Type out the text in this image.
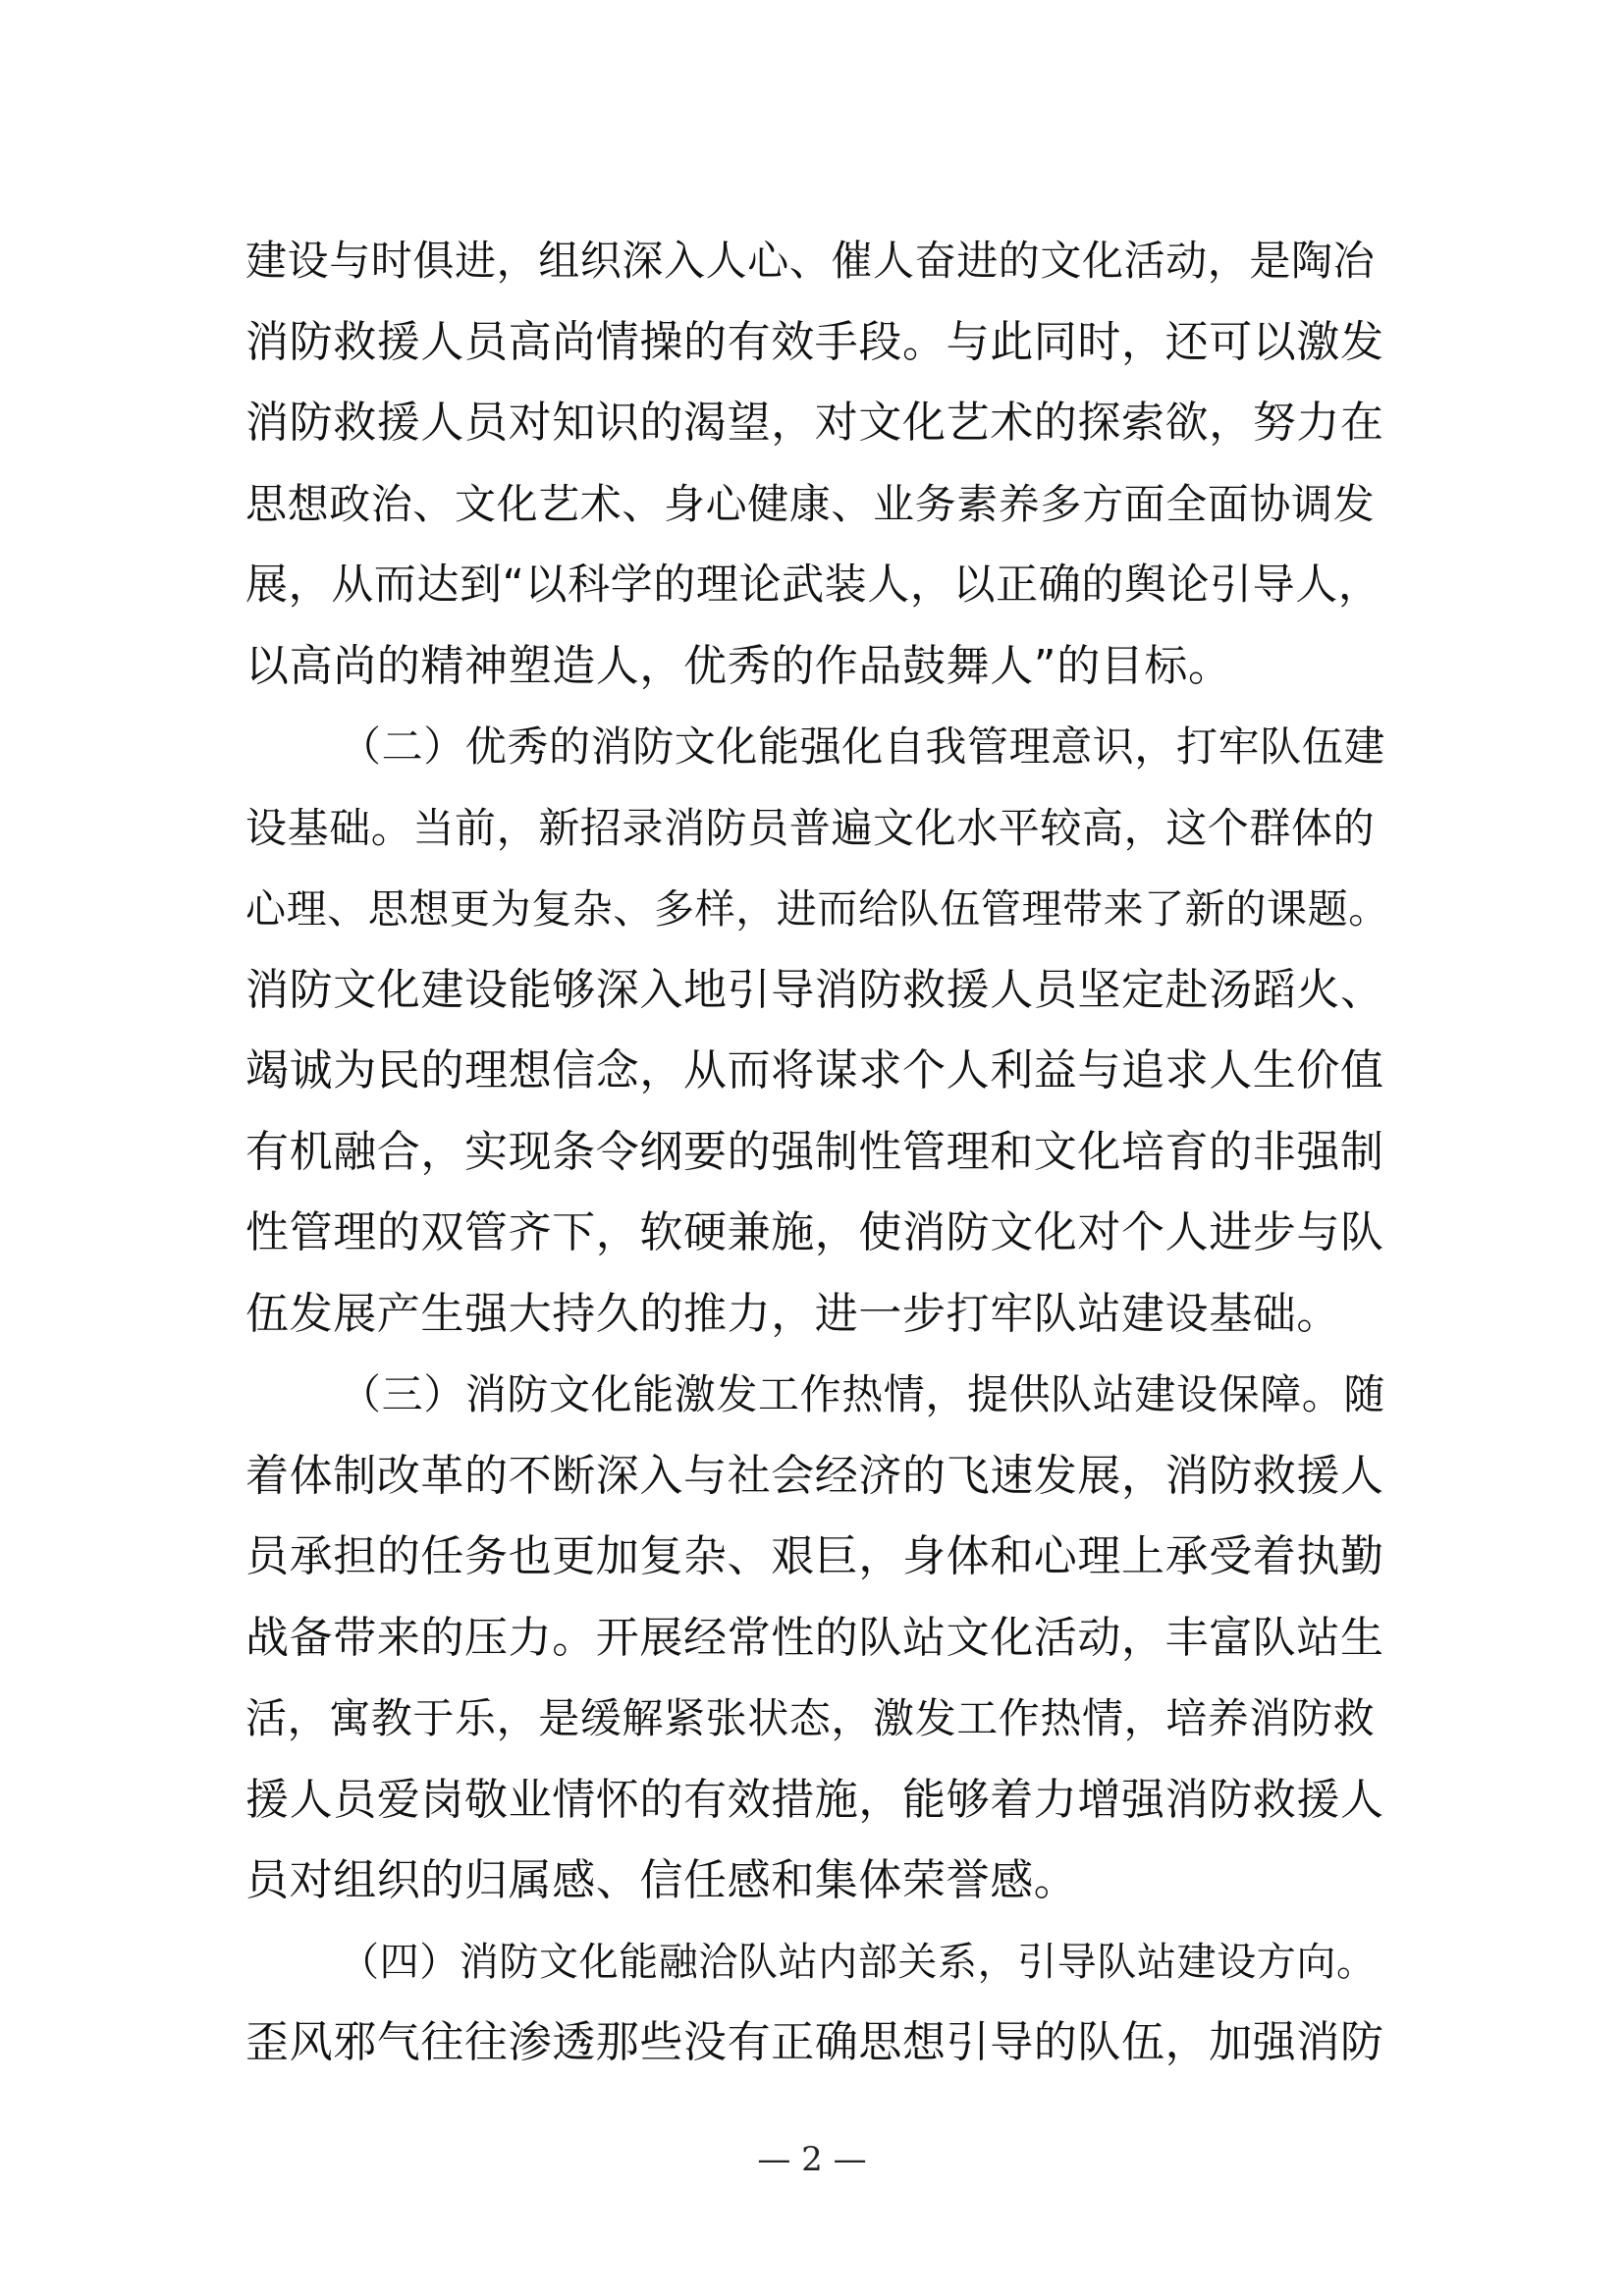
建设与时俱进，组织深入人心、催人奋进的文化活动，是陶冶
消防救援人员高尚情操的有效手段。与此同时，还可以激发
消防救援人员对知识的渴望，对文化艺术的探索欲，努力在
思想政治、文化艺术、身心健康、业务素养多方面全面协调发
展，从而达到“以科学的理论武装人，以正确的舆论引导人，
以高尚的精神塑造人，优秀的作品鼓舞人”的目标。
（二）优秀的消防文化能强化自我管理意识，打牢队伍建
设基础。当前，新招录消防员普遍文化水平较高，这个群体的
心理、思想更为复杂、多样，进而给队伍管理带来了新的课题。
消防文化建设能够深入地引导消防救援人员坚定赴汤蹈火、
竭诚为民的理想信念，从而将谋求个人利益与追求人生价值
有机融合，实现条令纲要的强制性管理和文化培育的非强制
性管理的双管齐下，软硬兼施，使消防文化对个人进步与队
伍发展产生强大持久的推力，进一步打牢队站建设基础。
（三）消防文化能激发工作热情，提供队站建设保障。随
着体制改革的不断深入与社会经济的飞速发展，消防救援人
员承担的任务也更加复杂、艰巨，身体和心理上承受着执勤
战备带来的压力。开展经常性的队站文化活动，丰富队站生
活，寓教于乐，是缓解紧张状态，激发工作热情，培养消防救
援人员爱岗敬业情怀的有效措施，能够着力增强消防救援人
员对组织的归属感、信任感和集体荣誉感。
（四）消防文化能融洽队站内部关系，引导队站建设方向。
歪风邪气往往渗透那些没有正确思想引导的队伍，加强消防
— 2 —
